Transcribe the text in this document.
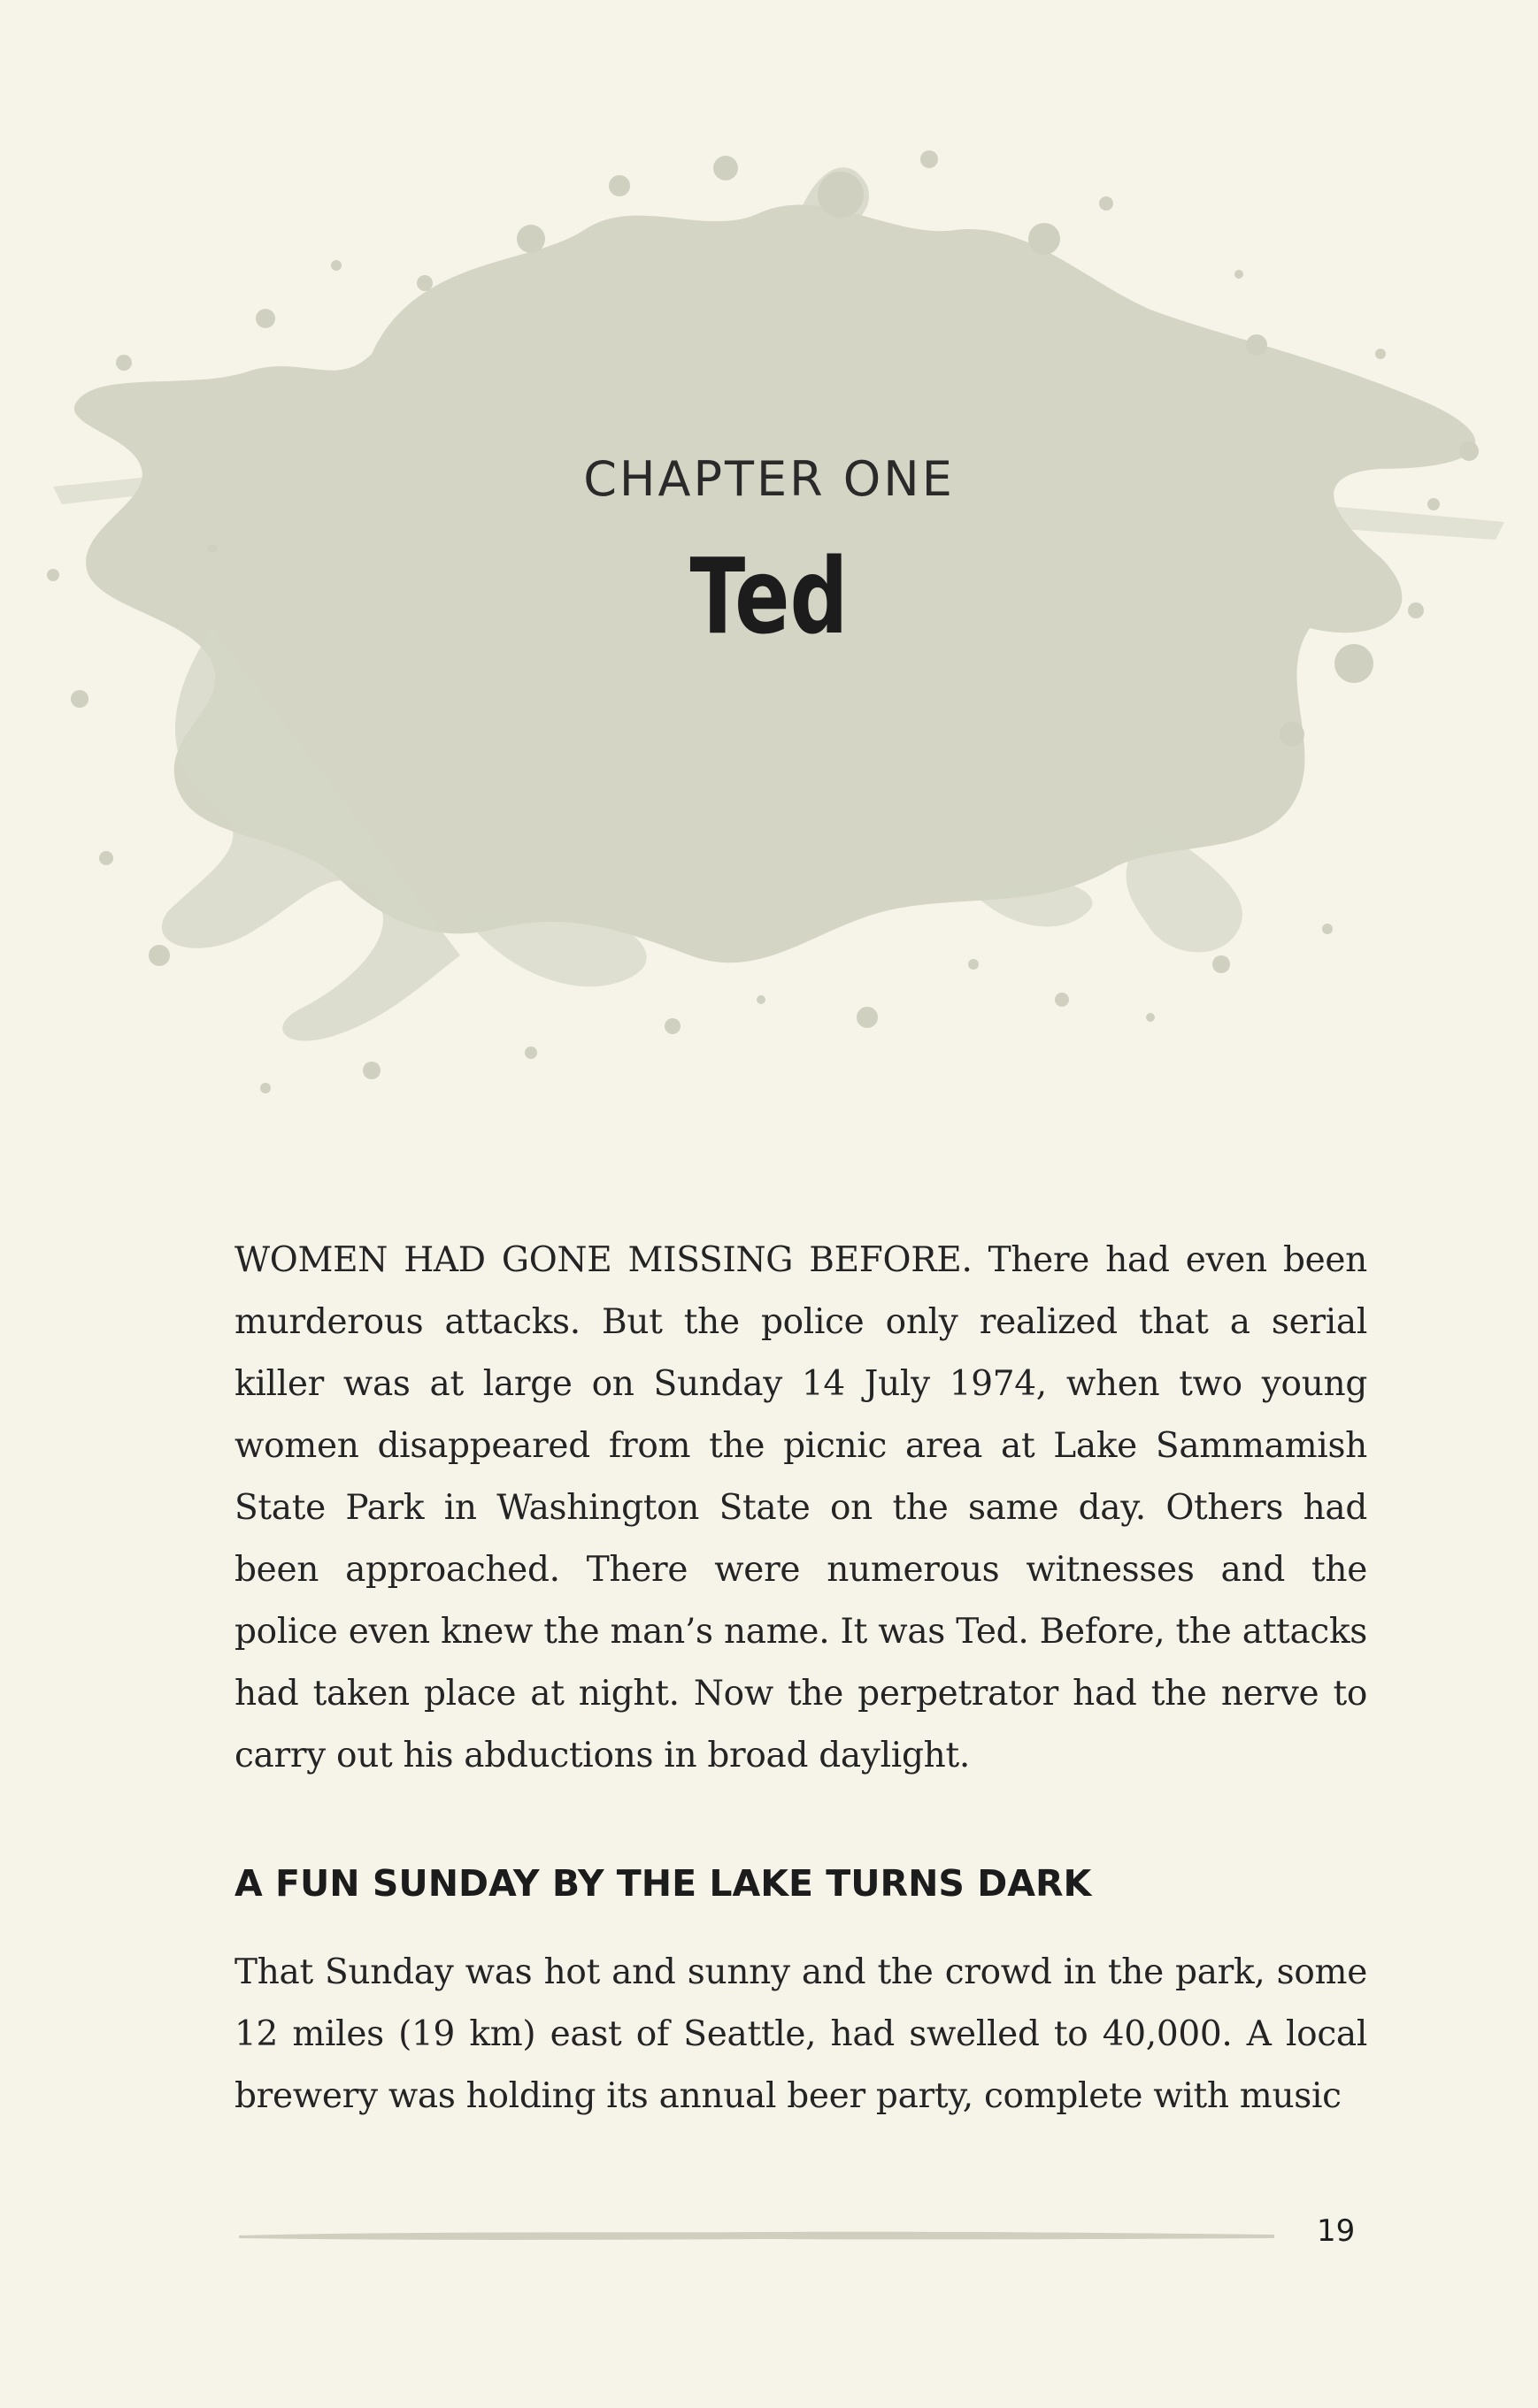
CHAPTER ONE
Ted

WOMEN HAD GONE MISSING BEFORE. There had even been murderous attacks. But the police only realized that a serial killer was at large on Sunday 14 July 1974, when two young women disappeared from the picnic area at Lake Sammamish State Park in Washington State on the same day. Others had been approached. There were numerous witnesses and the police even knew the man’s name. It was Ted. Before, the attacks had taken place at night. Now the perpetrator had the nerve to carry out his abductions in broad daylight.

A FUN SUNDAY BY THE LAKE TURNS DARK

That Sunday was hot and sunny and the crowd in the park, some 12 miles (19 km) east of Seattle, had swelled to 40,000. A local brewery was holding its annual beer party, complete with music

19
